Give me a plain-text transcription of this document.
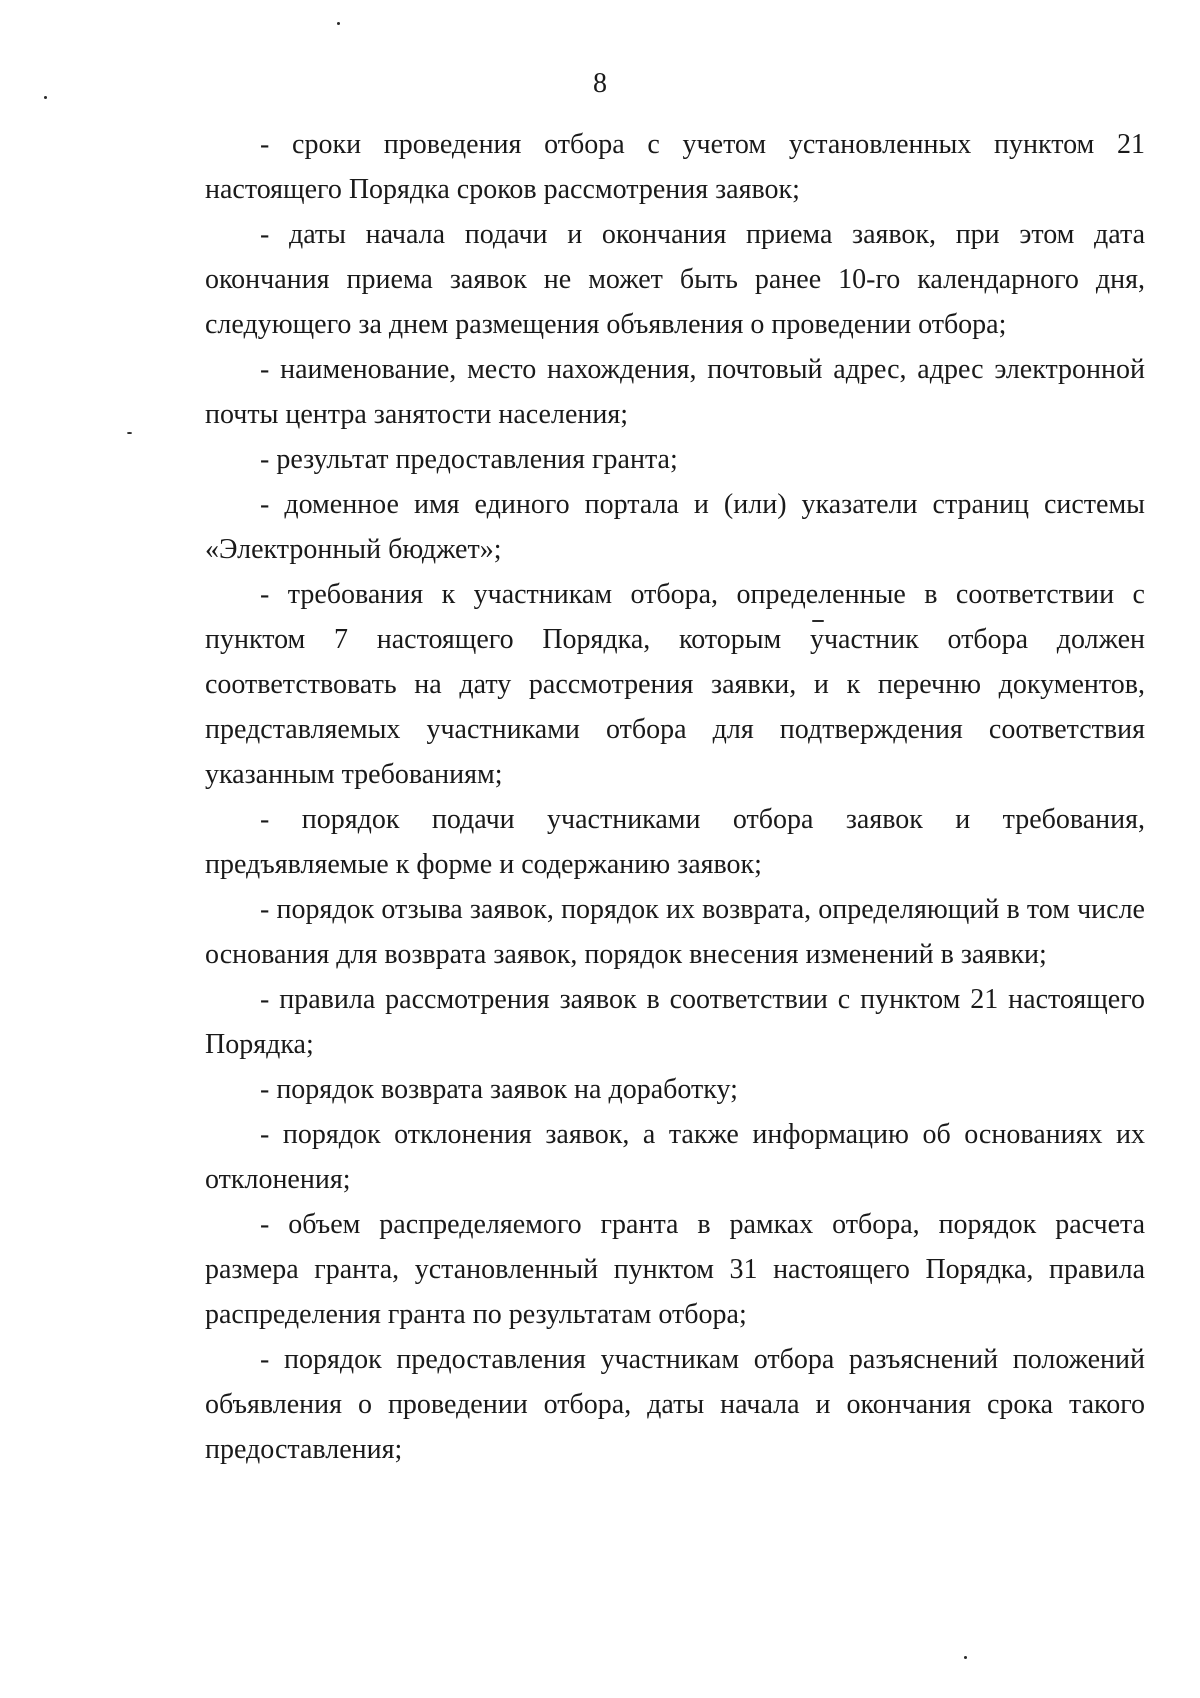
8

- сроки проведения отбора с учетом установленных пунктом 21 настоящего Порядка сроков рассмотрения заявок;

- даты начала подачи и окончания приема заявок, при этом дата окончания приема заявок не может быть ранее 10-го календарного дня, следующего за днем размещения объявления о проведении отбора;

- наименование, место нахождения, почтовый адрес, адрес электронной почты центра занятости населения;

- результат предоставления гранта;

- доменное имя единого портала и (или) указатели страниц системы «Электронный бюджет»;

- требования к участникам отбора, определенные в соответствии с пунктом 7 настоящего Порядка, которым участник отбора должен соответствовать на дату рассмотрения заявки, и к перечню документов, представляемых участниками отбора для подтверждения соответствия указанным требованиям;

- порядок подачи участниками отбора заявок и требования, предъявляемые к форме и содержанию заявок;

- порядок отзыва заявок, порядок их возврата, определяющий в том числе основания для возврата заявок, порядок внесения изменений в заявки;

- правила рассмотрения заявок в соответствии с пунктом 21 настоящего Порядка;

- порядок возврата заявок на доработку;

- порядок отклонения заявок, а также информацию об основаниях их отклонения;

- объем распределяемого гранта в рамках отбора, порядок расчета размера гранта, установленный пунктом 31 настоящего Порядка, правила распределения гранта по результатам отбора;

- порядок предоставления участникам отбора разъяснений положений объявления о проведении отбора, даты начала и окончания срока такого предоставления;
